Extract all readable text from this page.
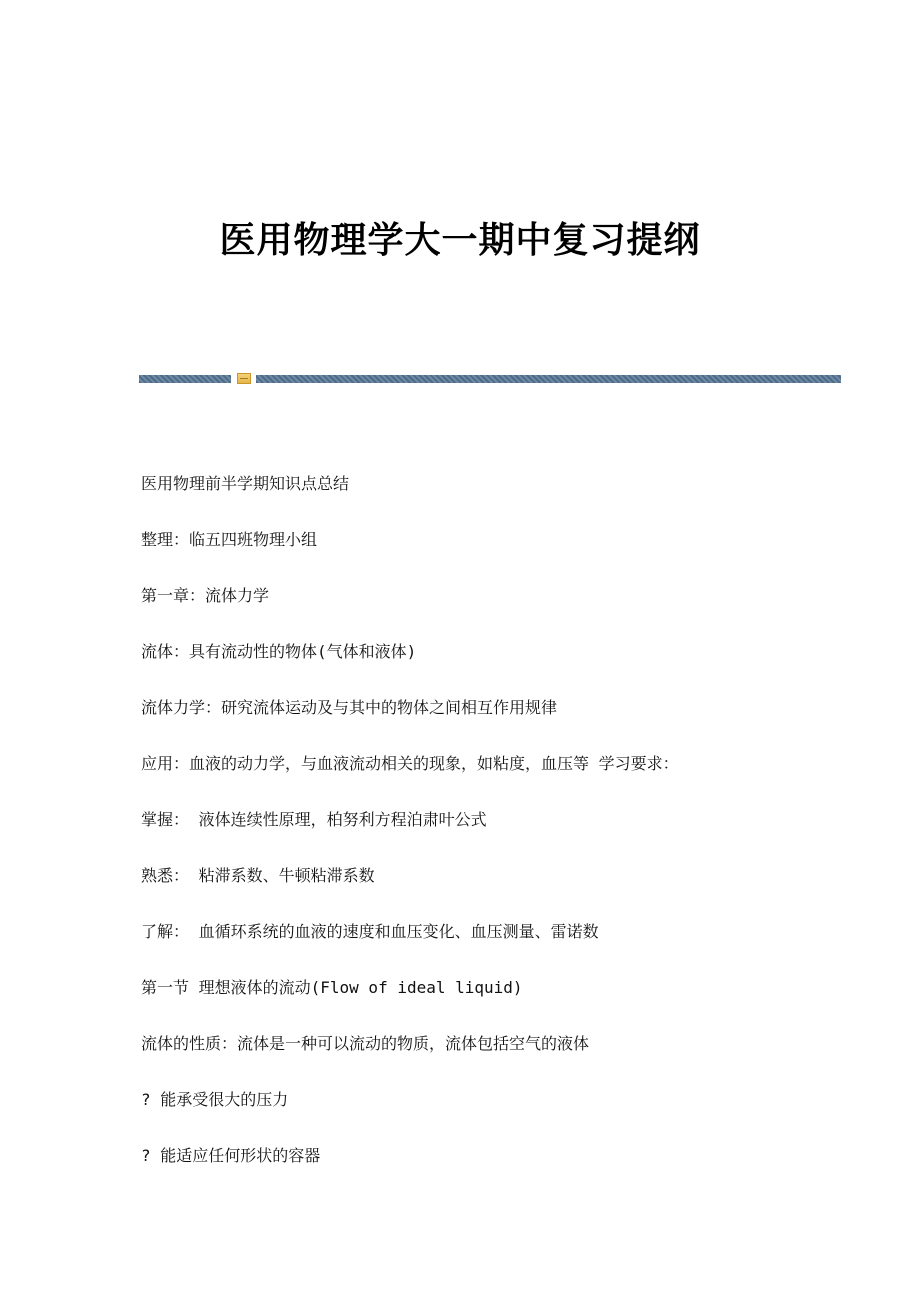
医用物理学大一期中复习提纲
医用物理前半学期知识点总结
整理：临五四班物理小组
第一章：流体力学
流体：具有流动性的物体(气体和液体)
流体力学：研究流体运动及与其中的物体之间相互作用规律
应用：血液的动力学，与血液流动相关的现象，如粘度，血压等 学习要求：
掌握： 液体连续性原理，柏努利方程泊肃叶公式
熟悉： 粘滞系数、牛顿粘滞系数
了解： 血循环系统的血液的速度和血压变化、血压测量、雷诺数
第一节 理想液体的流动(Flow of ideal liquid)
流体的性质：流体是一种可以流动的物质，流体包括空气的液体
? 能承受很大的压力
? 能适应任何形状的容器
